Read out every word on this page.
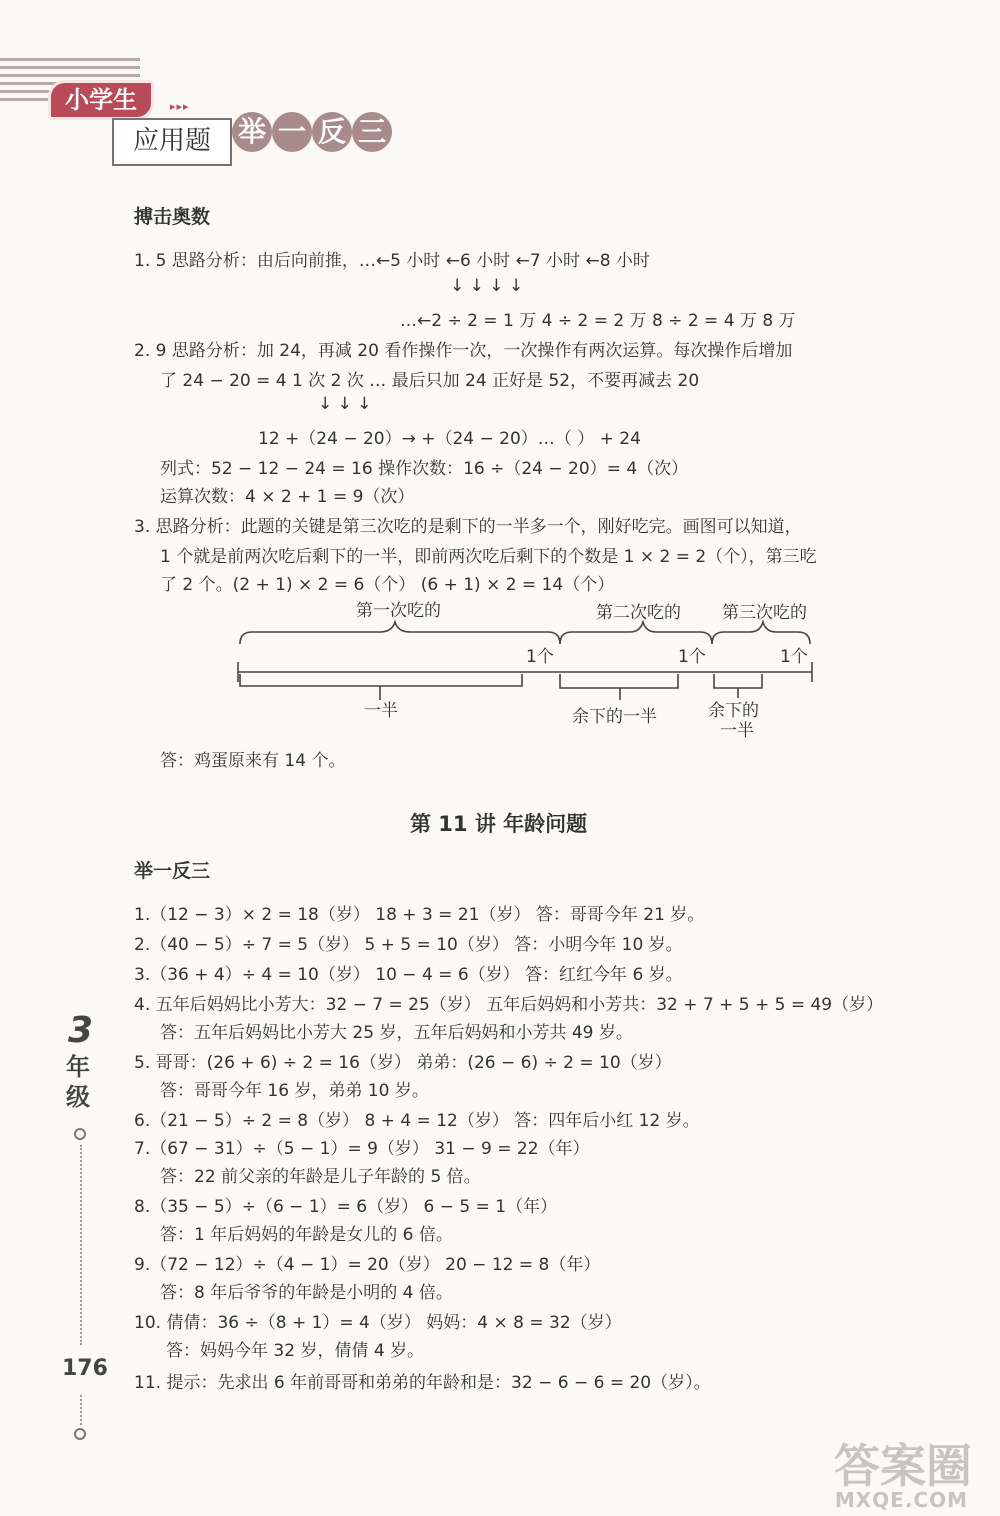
小学生	▸▸▸
应用题 举 一 反 三
搏击奥数
1. 5 思路分析：由后向前推，…←5 小时 ←6 小时 ←7 小时 ←8 小时
↓ ↓ ↓ ↓
…←2 ÷ 2 = 1 万 4 ÷ 2 = 2 万 8 ÷ 2 = 4 万 8 万
2. 9 思路分析：加 24，再减 20 看作操作一次，一次操作有两次运算。每次操作后增加
了 24 − 20 = 4 1 次 2 次 … 最后只加 24 正好是 52，不要再减去 20
↓ ↓ ↓
12 +（24 − 20）→ +（24 − 20）…（ ） + 24
列式：52 − 12 − 24 = 16 操作次数：16 ÷（24 − 20）= 4（次）
运算次数：4 × 2 + 1 = 9（次）
3. 思路分析：此题的关键是第三次吃的是剩下的一半多一个，刚好吃完。画图可以知道，
1 个就是前两次吃后剩下的一半，即前两次吃后剩下的个数是 1 × 2 = 2（个），第三吃
了 2 个。(2 + 1) × 2 = 6（个） (6 + 1) × 2 = 14（个）
第一次吃的	第二次吃的 第三次吃的
1个	1个	1个
一半	余下的一半	余下的
一半
答：鸡蛋原来有 14 个。
第 11 讲 年龄问题
举一反三
1.（12 − 3）× 2 = 18（岁） 18 + 3 = 21（岁） 答：哥哥今年 21 岁。
2.（40 − 5）÷ 7 = 5（岁） 5 + 5 = 10（岁） 答：小明今年 10 岁。
3.（36 + 4）÷ 4 = 10（岁） 10 − 4 = 6（岁） 答：红红今年 6 岁。
4. 五年后妈妈比小芳大：32 − 7 = 25（岁） 五年后妈妈和小芳共：32 + 7 + 5 + 5 = 49（岁）
答：五年后妈妈比小芳大 25 岁，五年后妈妈和小芳共 49 岁。
5. 哥哥：(26 + 6) ÷ 2 = 16（岁） 弟弟：(26 − 6) ÷ 2 = 10（岁）
答：哥哥今年 16 岁，弟弟 10 岁。
6.（21 − 5）÷ 2 = 8（岁） 8 + 4 = 12（岁） 答：四年后小红 12 岁。
7.（67 − 31）÷（5 − 1）= 9（岁） 31 − 9 = 22（年）
答：22 前父亲的年龄是儿子年龄的 5 倍。
8.（35 − 5）÷（6 − 1）= 6（岁） 6 − 5 = 1（年）
答：1 年后妈妈的年龄是女儿的 6 倍。
9.（72 − 12）÷（4 − 1）= 20（岁） 20 − 12 = 8（年）
答：8 年后爷爷的年龄是小明的 4 倍。
10. 倩倩：36 ÷（8 + 1）= 4（岁） 妈妈：4 × 8 = 32（岁）
答：妈妈今年 32 岁，倩倩 4 岁。
11. 提示：先求出 6 年前哥哥和弟弟的年龄和是：32 − 6 − 6 = 20（岁）。
3
年级
176
答案圈
MXQE.COM
